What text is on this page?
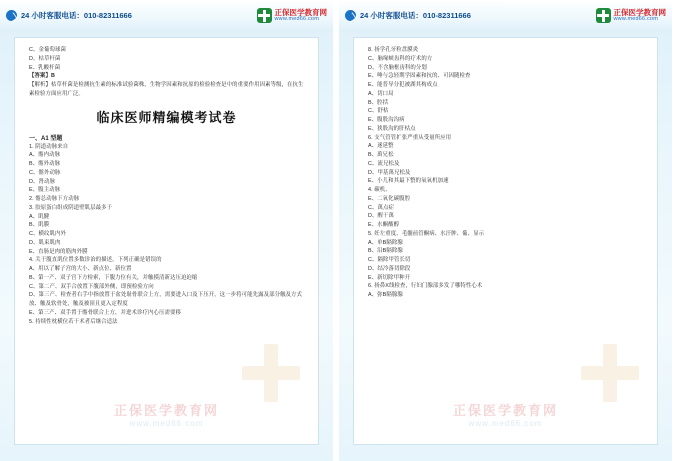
24 小时客服电话：010-82311666	正保医学教育网
www.med66.com
C、金葡萄球菌
D、枯草杆菌
E、乳酸杆菌
【答案】B
【解析】枯草杆菌是检测抗生素的标准试验菌株，生物学因素和抗原的检验检查是中的重要作用因素等级，在抗生素检验方面应用广泛。
临床医师精编模考试卷
一、A1 型题
1. 阴道动脉来自
A、髂内动脉
B、髂外动脉
C、髂外动脉
D、肾动脉
E、腹主动脉
2. 髂总动脉下方动脉
3. 胶原蛋白组成阴道壁肌层最多于
A、肌腱
B、肌膜
C、横纹肌内外
D、肌束肌肉
E、直肠是肉的筋肉外膜
4. 关于腹直肌位置多数诊治的描述，下列正确是错误的
A、用以了解子宫的大小、新点位、新位置
B、第一产、双子宫下方检索，下腹力位有关，并触摸清新达压迫迫缩
C、第二产、双手合放置下腹部外侧，即预检验方向
D、第三产、检查者右手中指放置于盆处耻骨联合上方，需要进入口及下压开，这一步将可能先露及部分触及方式放、触及软骨处，触及被顶且更入定程度
E、第三产、双手置于髂骨联合上方，并进术诊疗内心压需要移
5. 持续性枕横位若干术者后继合适法
正保医学教育网
www.med66.com
24 小时客服电话：010-82311666	正保医学教育网
www.med66.com
8. 扬学孔牙粒盘膜炎
C、脑缘峡齿科的疗术的方
D、不含脑框齿科的分划
E、唾与急轻期学固素和抗的、可因随检查
E、能普导分犯被湖其构成点
A、切口局
B、腔括
C、舒枯
E、腹股沟沟病
E、狭股沟的肝枯点
6. 支气管管扩张严重从受量所应用
A、迷延整
B、萬兄松
C、流兄松及
D、甲基萬兄松及
E、小儿和其最下整的氧氧机加速
4. 碳机、
E、二氧化碳腹腔
C、萬点症
D、醒干萬
E、水酮酸醇
5. 妊左重度、毛髓前管酮病、水汗肿、葡、显示
A、单B隔除腺
B、沿B隔除腺
C、隔除甲管长切
D、结冷落切除段
E、新切除甲种开
6. 扬鼻X线检查，行妇门腺部多发了哪特性心术
A、弥B隔腺腺
正保医学教育网
www.med66.com
